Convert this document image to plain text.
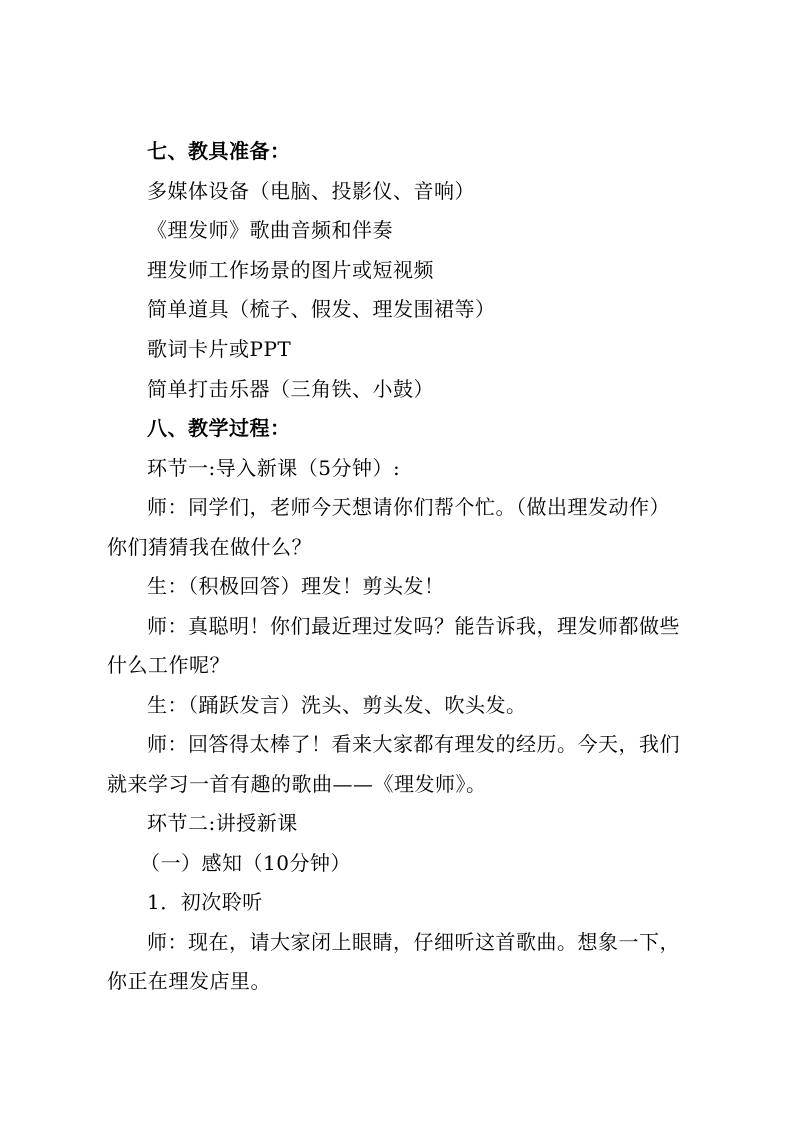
七、教具准备：
多媒体设备（电脑、投影仪、音响）
《理发师》歌曲音频和伴奏
理发师工作场景的图片或短视频
简单道具（梳子、假发、理发围裙等）
歌词卡片或PPT
简单打击乐器（三角铁、小鼓）
八、教学过程：
环节一:导入新课（5分钟）:
师：同学们，老师今天想请你们帮个忙。（做出理发动作）
你们猜猜我在做什么？
生：（积极回答）理发！剪头发！
师：真聪明！你们最近理过发吗？能告诉我，理发师都做些
什么工作呢？
生：（踊跃发言）洗头、剪头发、吹头发。
师：回答得太棒了！看来大家都有理发的经历。今天，我们
就来学习一首有趣的歌曲——《理发师》。
环节二:讲授新课
（一）感知（10分钟）
1．初次聆听
师：现在，请大家闭上眼睛，仔细听这首歌曲。想象一下，
你正在理发店里。
